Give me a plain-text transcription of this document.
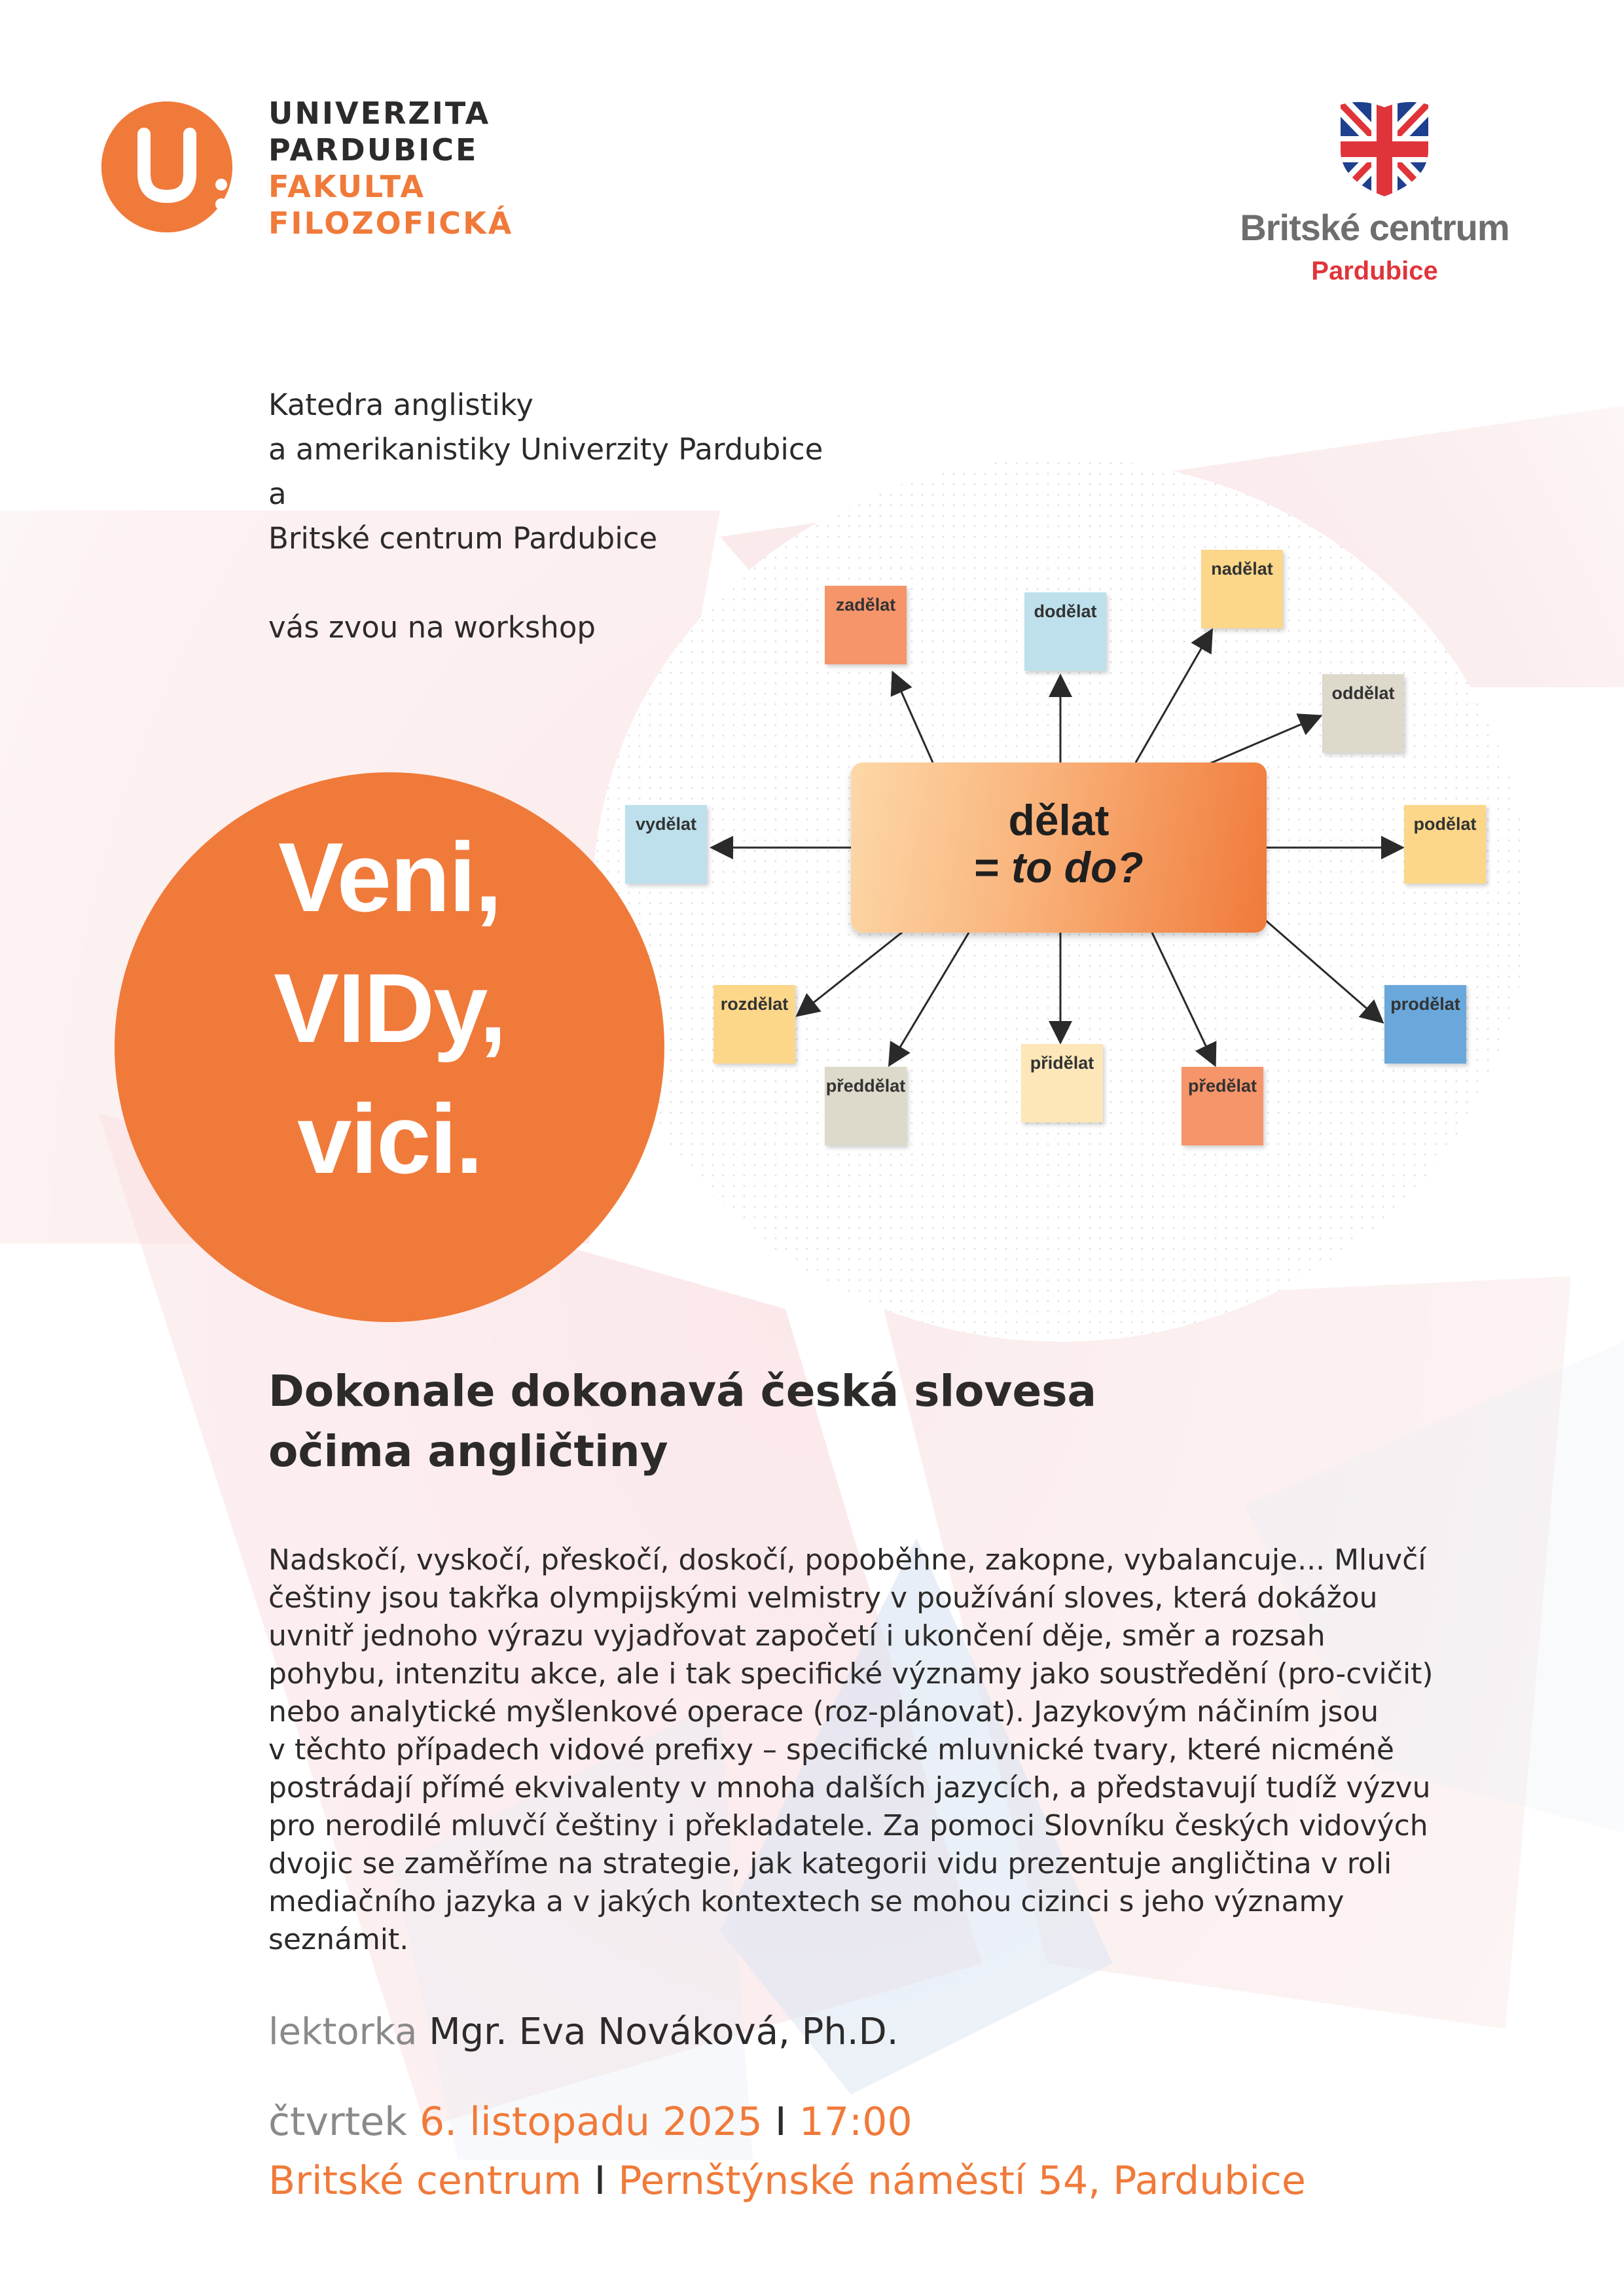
UNIVERZITA
PARDUBICE
FAKULTA
FILOZOFICKÁ	Britské centrum
Pardubice
Katedra anglistiky
a amerikanistiky Univerzity Pardubice
a
Britské centrum Pardubice
vás zvou na workshop
dělat
= to do?
zadělat	dodělat
nadělat
oddělat
podělat
prodělat
předělat
přidělat
předdělat
rozdělat
vydělat
Veni,
VIDy,
vici.
Dokonale dokonavá česká slovesa
očima angličtiny
Nadskočí, vyskočí, přeskočí, doskočí, popoběhne, zakopne, vybalancuje... Mluvčí
češtiny jsou takřka olympijskými velmistry v používání sloves, která dokážou
uvnitř jednoho výrazu vyjadřovat započetí i ukončení děje, směr a rozsah
pohybu, intenzitu akce, ale i tak specifické významy jako soustředění (pro-cvičit)
nebo analytické myšlenkové operace (roz-plánovat). Jazykovým náčiním jsou
v těchto případech vidové prefixy – specifické mluvnické tvary, které nicméně
postrádají přímé ekvivalenty v mnoha dalších jazycích, a představují tudíž výzvu
pro nerodilé mluvčí češtiny i překladatele. Za pomoci Slovníku českých vidových
dvojic se zaměříme na strategie, jak kategorii vidu prezentuje angličtina v roli
mediačního jazyka a v jakých kontextech se mohou cizinci s jeho významy
seznámit.
lektorka Mgr. Eva Nováková, Ph.D.
čtvrtek 6. listopadu 2025 I 17:00
Britské centrum I Pernštýnské náměstí 54, Pardubice
